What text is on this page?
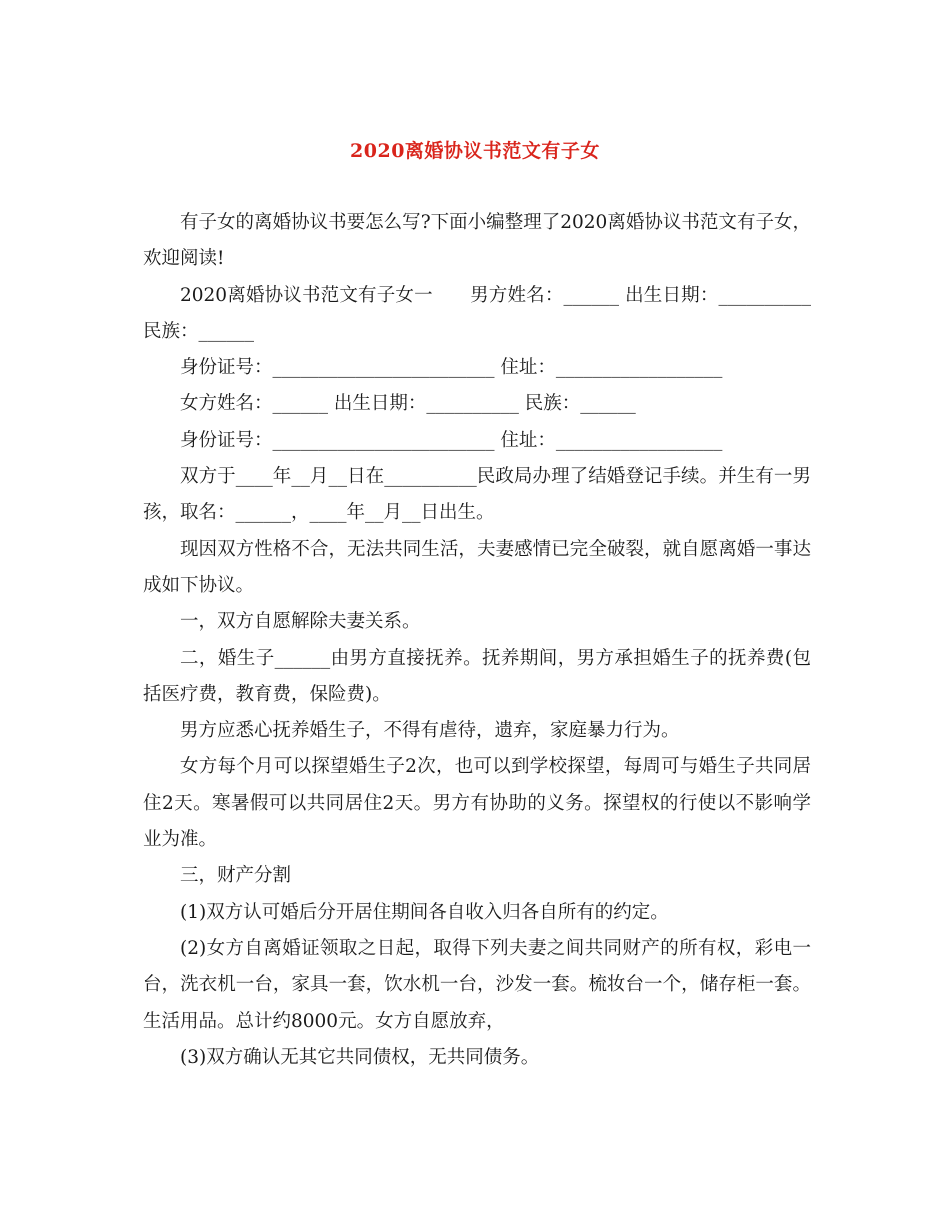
2020离婚协议书范文有子女

有子女的离婚协议书要怎么写?下面小编整理了2020离婚协议书范文有子女，欢迎阅读!

2020离婚协议书范文有子女一　　男方姓名：______ 出生日期：__________ 民族：______

身份证号：________________________ 住址：__________________

女方姓名：______ 出生日期：__________ 民族：______

身份证号：________________________ 住址：__________________

双方于____年__月__日在__________民政局办理了结婚登记手续。并生有一男孩，取名：______，____年__月__日出生。

现因双方性格不合，无法共同生活，夫妻感情已完全破裂，就自愿离婚一事达成如下协议。

一，双方自愿解除夫妻关系。

二，婚生子______由男方直接抚养。抚养期间，男方承担婚生子的抚养费(包括医疗费，教育费，保险费)。

男方应悉心抚养婚生子，不得有虐待，遗弃，家庭暴力行为。

女方每个月可以探望婚生子2次，也可以到学校探望，每周可与婚生子共同居住2天。寒暑假可以共同居住2天。男方有协助的义务。探望权的行使以不影响学业为准。

三，财产分割

(1)双方认可婚后分开居住期间各自收入归各自所有的约定。

(2)女方自离婚证领取之日起，取得下列夫妻之间共同财产的所有权，彩电一台，洗衣机一台，家具一套，饮水机一台，沙发一套。梳妆台一个，储存柜一套。生活用品。总计约8000元。女方自愿放弃，

(3)双方确认无其它共同债权，无共同债务。
